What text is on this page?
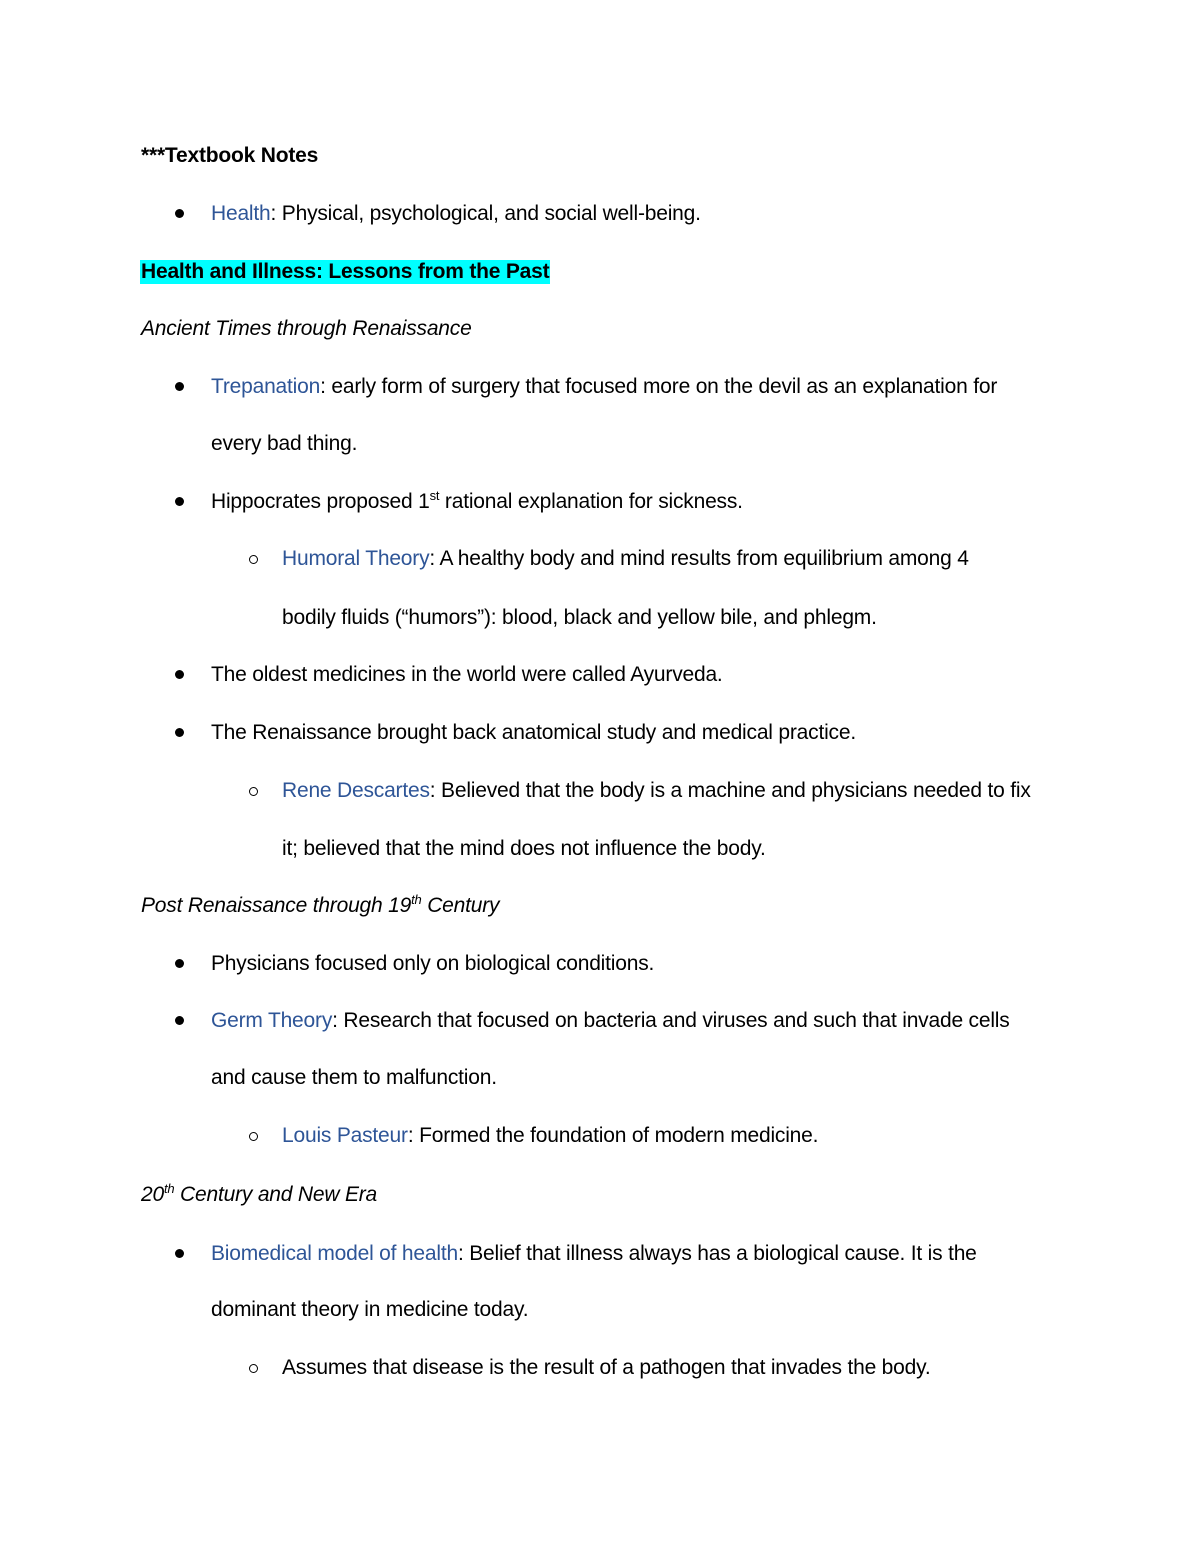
***Textbook Notes
Health: Physical, psychological, and social well-being.
Health and Illness: Lessons from the Past
Ancient Times through Renaissance
Trepanation: early form of surgery that focused more on the devil as an explanation for
every bad thing.
Hippocrates proposed 1st rational explanation for sickness.
Humoral Theory: A healthy body and mind results from equilibrium among 4
bodily fluids (“humors”): blood, black and yellow bile, and phlegm.
The oldest medicines in the world were called Ayurveda.
The Renaissance brought back anatomical study and medical practice.
Rene Descartes: Believed that the body is a machine and physicians needed to fix
it; believed that the mind does not influence the body.
Post Renaissance through 19th Century
Physicians focused only on biological conditions.
Germ Theory: Research that focused on bacteria and viruses and such that invade cells
and cause them to malfunction.
Louis Pasteur: Formed the foundation of modern medicine.
20th Century and New Era
Biomedical model of health: Belief that illness always has a biological cause. It is the
dominant theory in medicine today.
Assumes that disease is the result of a pathogen that invades the body.
